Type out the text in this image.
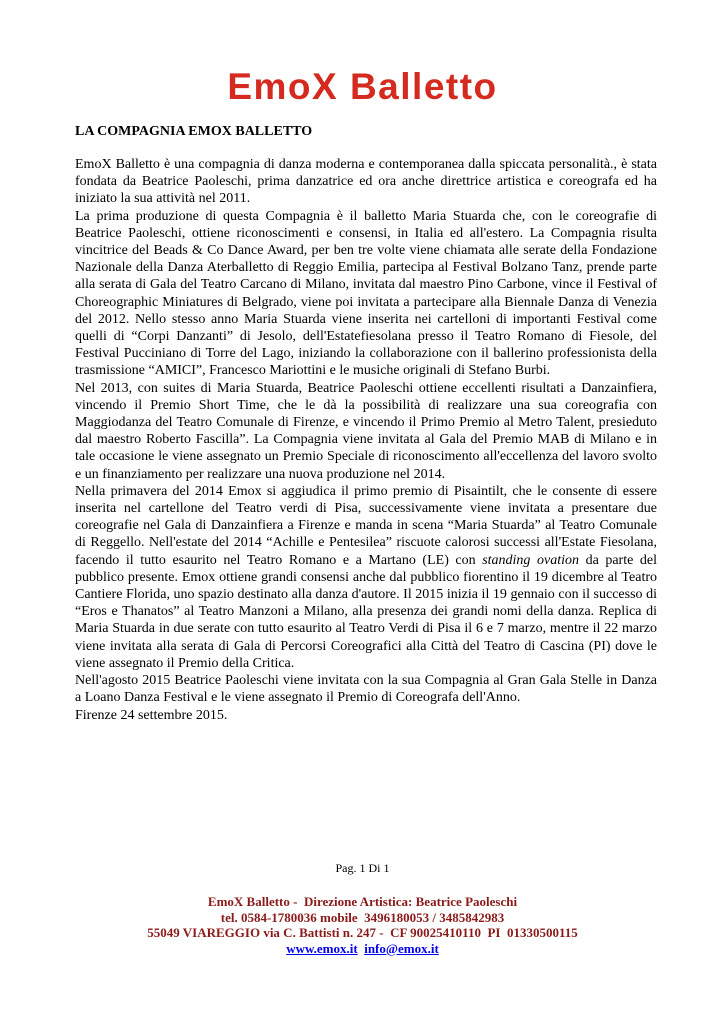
EmoX Balletto
LA COMPAGNIA EMOX BALLETTO

EmoX Balletto è una compagnia di danza moderna e contemporanea dalla spiccata personalità., è stata fondata da Beatrice Paoleschi, prima danzatrice ed ora anche direttrice artistica e coreografa ed ha iniziato la sua attività nel 2011.

La prima produzione di questa Compagnia è il balletto Maria Stuarda che, con le coreografie di Beatrice Paoleschi, ottiene riconoscimenti e consensi, in Italia ed all'estero. La Compagnia risulta vincitrice del Beads & Co Dance Award, per ben tre volte viene chiamata alle serate della Fondazione Nazionale della Danza Aterballetto di Reggio Emilia, partecipa al Festival Bolzano Tanz, prende parte alla serata di Gala del Teatro Carcano di Milano, invitata dal maestro Pino Carbone, vince il Festival of Choreographic Miniatures di Belgrado, viene poi invitata a partecipare alla Biennale Danza di Venezia del 2012. Nello stesso anno Maria Stuarda viene inserita nei cartelloni di importanti Festival come quelli di “Corpi Danzanti” di Jesolo, dell'Estatefiesolana presso il Teatro Romano di Fiesole, del Festival Pucciniano di Torre del Lago, iniziando la collaborazione con il ballerino professionista della trasmissione “AMICI”, Francesco Mariottini e le musiche originali di Stefano Burbi.

Nel 2013, con suites di Maria Stuarda, Beatrice Paoleschi ottiene eccellenti risultati a Danzainfiera, vincendo il Premio Short Time, che le dà la possibilità di realizzare una sua coreografia con Maggiodanza del Teatro Comunale di Firenze, e vincendo il Primo Premio al Metro Talent, presieduto dal maestro Roberto Fascilla”. La Compagnia viene invitata al Gala del Premio MAB di Milano e in tale occasione le viene assegnato un Premio Speciale di riconoscimento all'eccellenza del lavoro svolto e un finanziamento per realizzare una nuova produzione nel 2014.

Nella primavera del 2014 Emox si aggiudica il primo premio di Pisaintilt, che le consente di essere inserita nel cartellone del Teatro verdi di Pisa, successivamente viene invitata a presentare due coreografie nel Gala di Danzainfiera a Firenze e manda in scena “Maria Stuarda” al Teatro Comunale di Reggello. Nell'estate del 2014 “Achille e Pentesilea” riscuote calorosi successi all'Estate Fiesolana, facendo il tutto esaurito nel Teatro Romano e a Martano (LE) con standing ovation da parte del pubblico presente. Emox ottiene grandi consensi anche dal pubblico fiorentino il 19 dicembre al Teatro Cantiere Florida, uno spazio destinato alla danza d'autore. Il 2015 inizia il 19 gennaio con il successo di “Eros e Thanatos” al Teatro Manzoni a Milano, alla presenza dei grandi nomi della danza. Replica di Maria Stuarda in due serate con tutto esaurito al Teatro Verdi di Pisa il 6 e 7 marzo, mentre il 22 marzo viene invitata alla serata di Gala di Percorsi Coreografici alla Città del Teatro di Cascina (PI) dove le viene assegnato il Premio della Critica.

Nell'agosto 2015 Beatrice Paoleschi viene invitata con la sua Compagnia al Gran Gala Stelle in Danza a Loano Danza Festival e le viene assegnato il Premio di Coreografa dell'Anno.

Firenze 24 settembre 2015.

Pag. 1 Di 1
EmoX Balletto -  Direzione Artistica: Beatrice Paoleschi
tel. 0584-1780036 mobile  3496180053 / 3485842983
55049 VIAREGGIO via C. Battisti n. 247 -  CF 90025410110  PI  01330500115
www.emox.it info@emox.it
